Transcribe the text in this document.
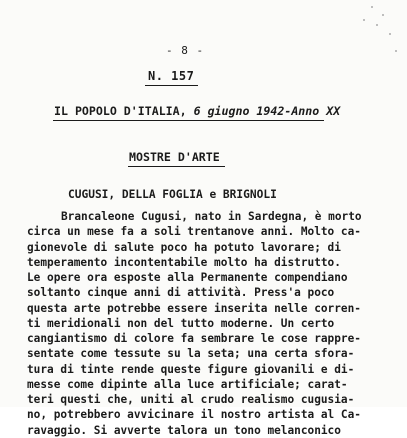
- 8 -
N. 157
IL POPOLO D'ITALIA, 6 giugno 1942-Anno XX
MOSTRE D'ARTE
CUGUSI, DELLA FOGLIA e BRIGNOLI
Brancaleone Cugusi, nato in Sardegna, è morto
circa un mese fa a soli trentanove anni. Molto ca-
gionevole di salute poco ha potuto lavorare; di
temperamento incontentabile molto ha distrutto.
Le opere ora esposte alla Permanente compendiano
soltanto cinque anni di attività. Press'a poco
questa arte potrebbe essere inserita nelle corren-
ti meridionali non del tutto moderne. Un certo
cangiantismo di colore fa sembrare le cose rappre-
sentate come tessute su la seta; una certa sfora-
tura di tinte rende queste figure giovanili e di-
messe come dipinte alla luce artificiale; carat-
teri questi che, uniti al crudo realismo cugusia-
no, potrebbero avvicinare il nostro artista al Ca-
ravaggio. Si avverte talora un tono melanconico
